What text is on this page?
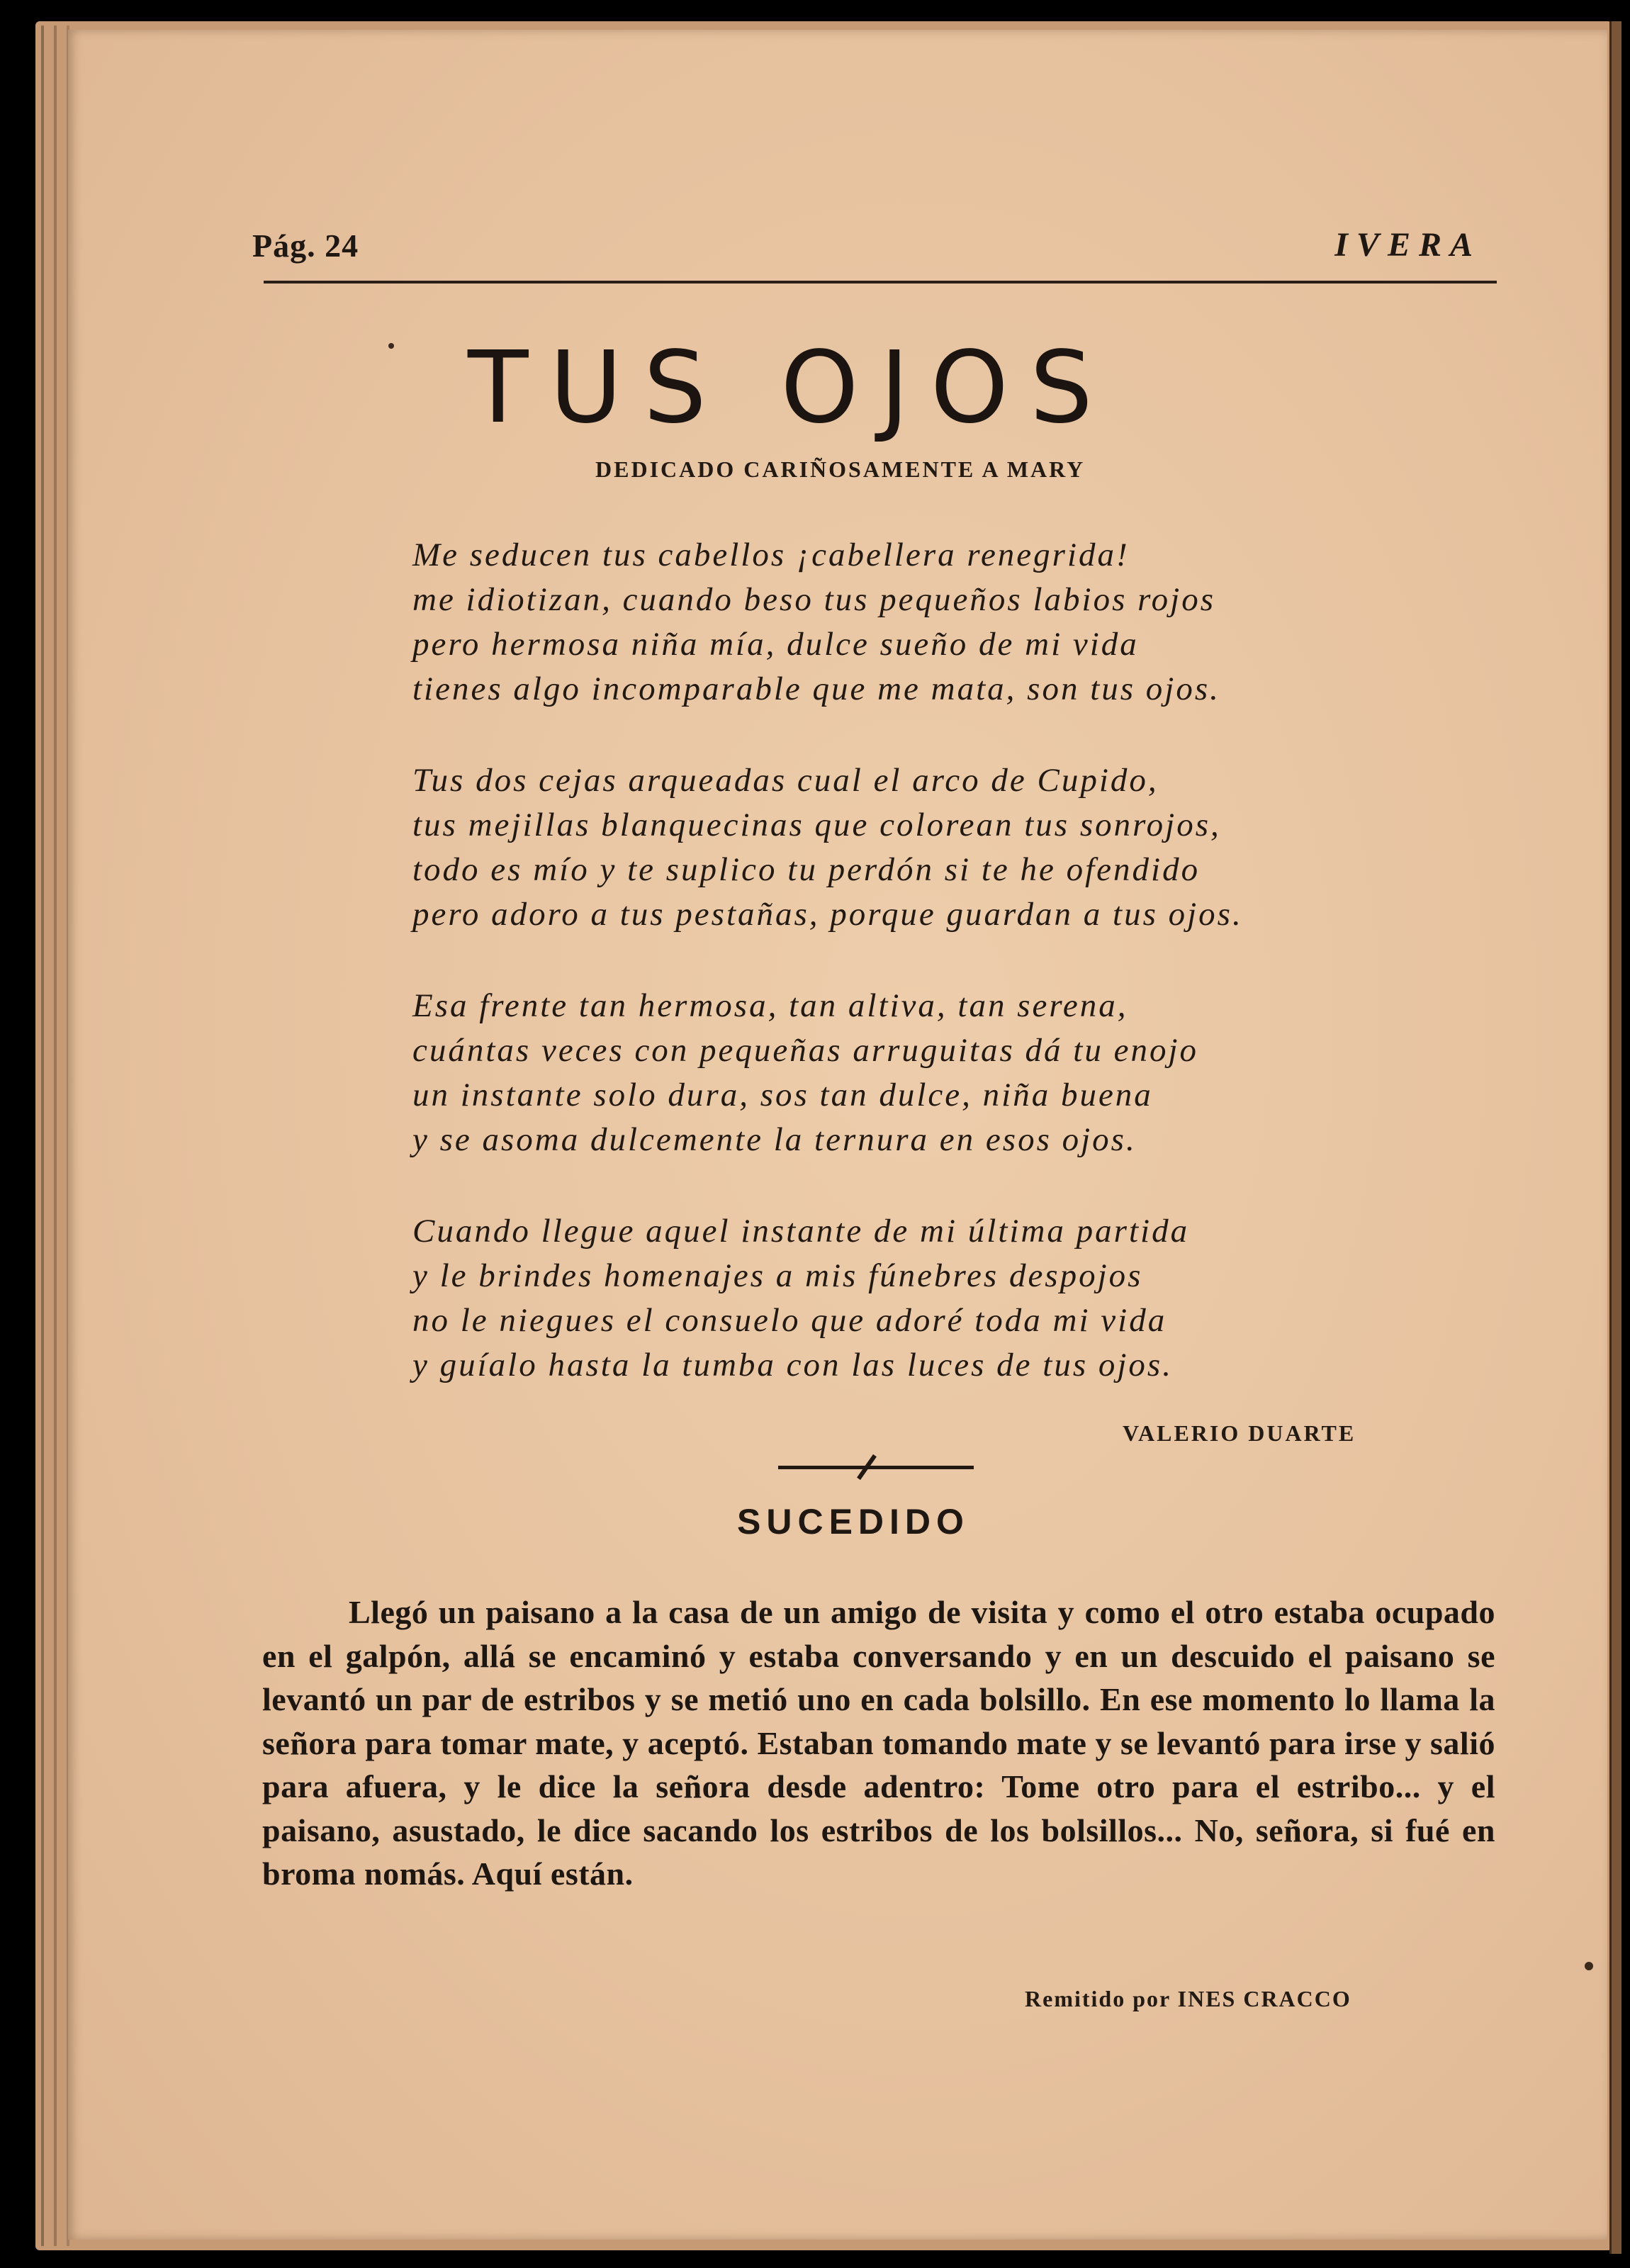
Pág. 24	IVERA
TUS OJOS
DEDICADO CARIÑOSAMENTE A MARY
Me seducen tus cabellos ¡cabellera renegrida!
me idiotizan, cuando beso tus pequeños labios rojos
pero hermosa niña mía, dulce sueño de mi vida
tienes algo incomparable que me mata, son tus ojos.
Tus dos cejas arqueadas cual el arco de Cupido,
tus mejillas blanquecinas que colorean tus sonrojos,
todo es mío y te suplico tu perdón si te he ofendido
pero adoro a tus pestañas, porque guardan a tus ojos.
Esa frente tan hermosa, tan altiva, tan serena,
cuántas veces con pequeñas arruguitas dá tu enojo
un instante solo dura, sos tan dulce, niña buena
y se asoma dulcemente la ternura en esos ojos.
Cuando llegue aquel instante de mi última partida
y le brindes homenajes a mis fúnebres despojos
no le niegues el consuelo que adoré toda mi vida
y guíalo hasta la tumba con las luces de tus ojos.
VALERIO DUARTE
SUCEDIDO
Llegó un paisano a la casa de un amigo de visita y como el otro estaba ocupado en el galpón, allá se encaminó y estaba conversando y en un descuido el paisano se levantó un par de estribos y se metió uno en cada bolsillo. En ese momento lo llama la señora para tomar mate, y aceptó. Estaban tomando mate y se levantó para irse y salió para afuera, y le dice la señora desde adentro: Tome otro para el estribo... y el paisano, asustado, le dice sacando los estribos de los bolsillos... No, señora, si fué en broma nomás. Aquí están.
Remitido por INES CRACCO
